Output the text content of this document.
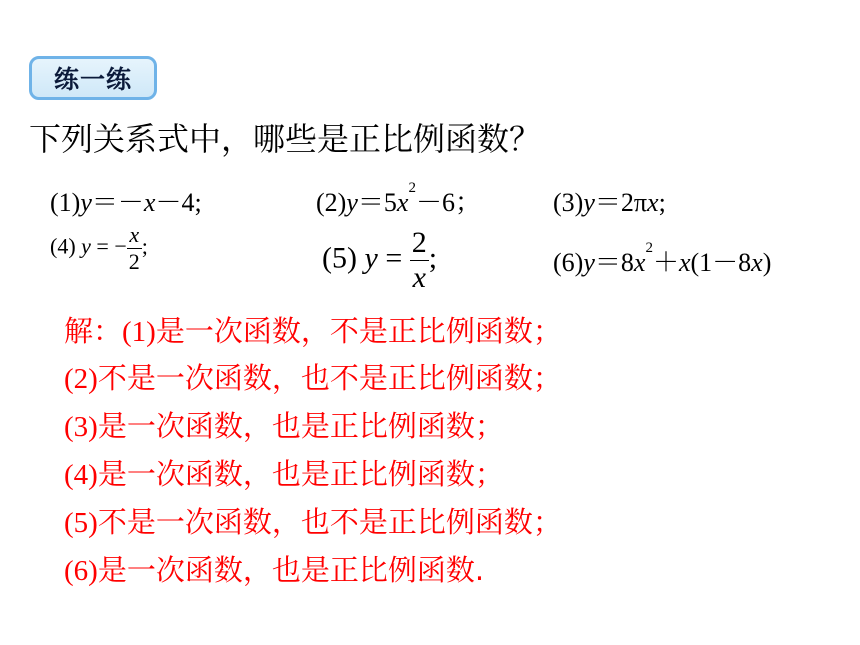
练一练
下列关系式中，哪些是正比例函数？
(1)y＝－x－4;	$(2)y=5x^2-6$；	(3)y＝2πx;
(4) y = − $\frac{x}{2}$ ;	(5) $y = \frac{2}{x}$ ;	$(6)y=8x^2+x(1-8x)$
解：(1)是一次函数，不是正比例函数；
(2)不是一次函数，也不是正比例函数；
(3)是一次函数，也是正比例函数；
(4)是一次函数，也是正比例函数；
(5)不是一次函数，也不是正比例函数；
(6)是一次函数，也是正比例函数.
